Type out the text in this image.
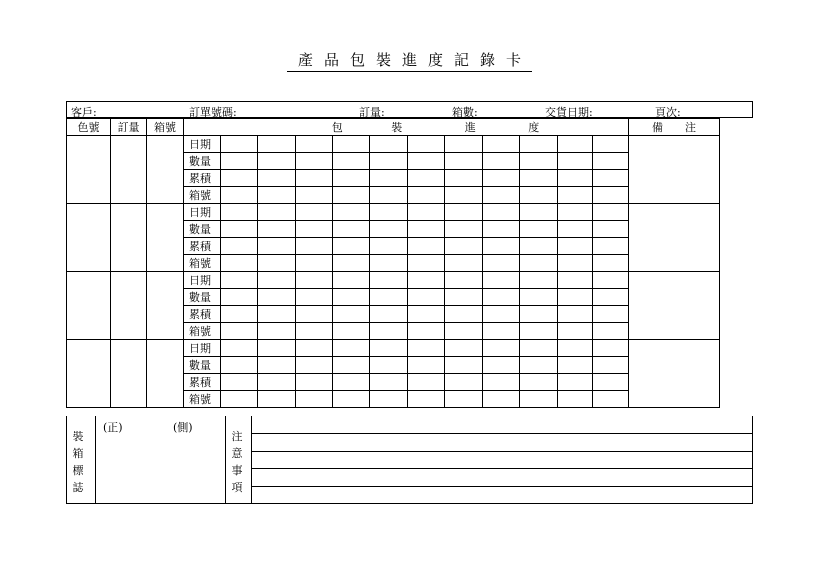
產品包裝進度記錄卡
客戶:	訂單號碼:	訂量:	箱數:	交貨日期:	頁次:
色號	訂量	箱號	包 裝 進 度												備　　注
			日期												
			數量												
			累積												
			箱號												
			日期												
			數量												
			累積												
			箱號												
			日期												
			數量												
			累積												
			箱號												
			日期												
			數量												
			累積												
			箱號												
裝
箱
標
誌
(正)	(側)
注
意
事
項
